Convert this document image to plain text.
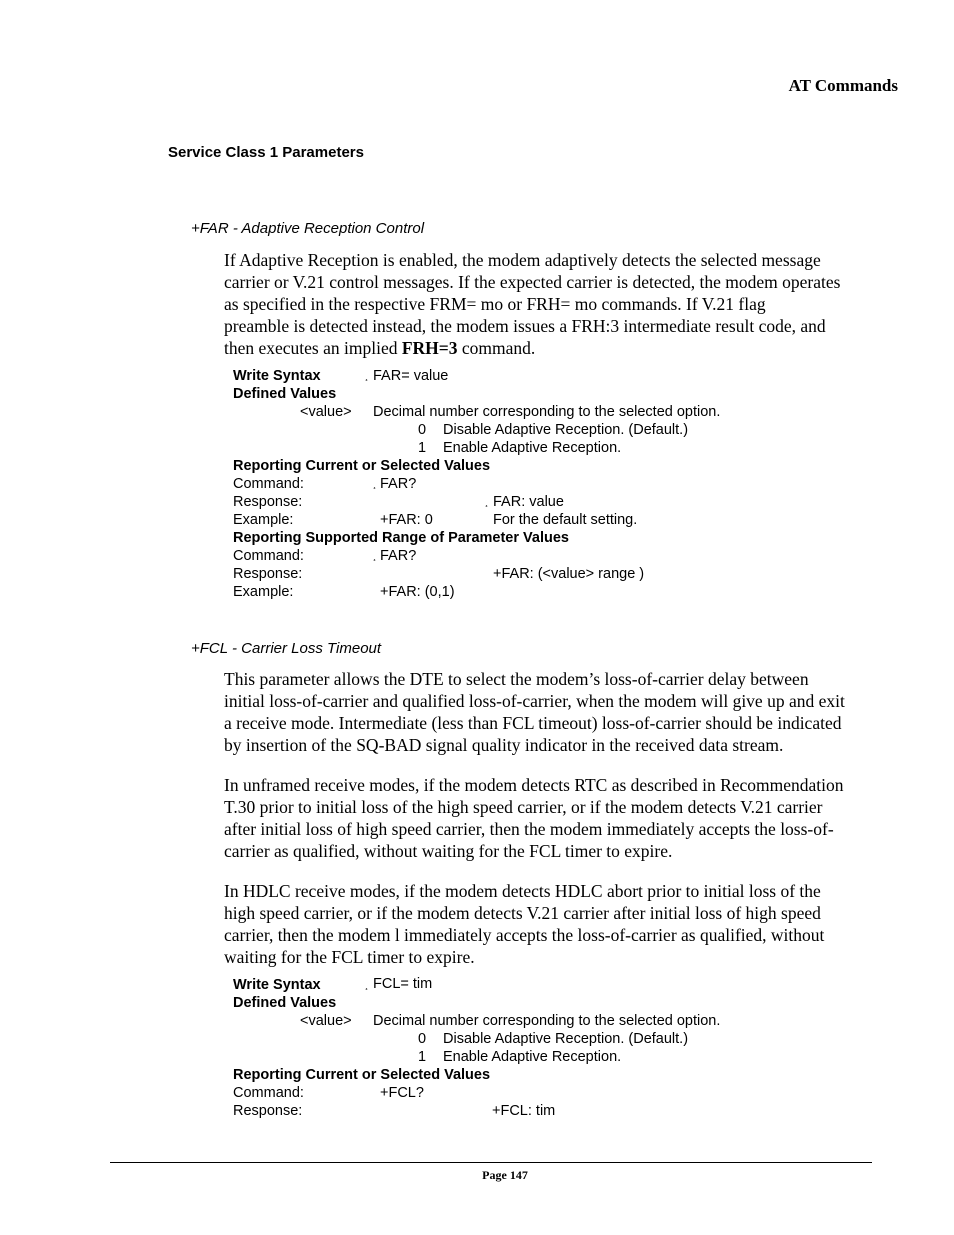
AT Commands
Service Class 1 Parameters
+FAR - Adaptive Reception Control

If Adaptive Reception is enabled, the modem adaptively detects the selected message

carrier or V.21 control messages. If the expected carrier is detected, the modem operates

as specified in the respective FRM= mo or FRH= mo commands. If V.21 flag

preamble is detected instead, the modem issues a FRH:3 intermediate result code, and

then executes an implied FRH=3 command.

Write Syntax	¸ FAR= value
Defined Values
<value> Decimal number corresponding to the selected option.
0 Disable Adaptive Reception. (Default.)
1 Enable Adaptive Reception.
Reporting Current or Selected Values
Command:	¸ FAR?
Response:	¸ FAR: value
Example:	+FAR: 0	For the default setting.
Reporting Supported Range of Parameter Values
Command:	¸ FAR?
Response:	+FAR: (<value> range )
Example:	+FAR: (0,1)
+FCL - Carrier Loss Timeout

This parameter allows the DTE to select the modem’s loss-of-carrier delay between

initial loss-of-carrier and qualified loss-of-carrier, when the modem will give up and exit

a receive mode. Intermediate (less than FCL timeout) loss-of-carrier should be indicated

by insertion of the SQ-BAD signal quality indicator in the received data stream.

In unframed receive modes, if the modem detects RTC as described in Recommendation

T.30 prior to initial loss of the high speed carrier, or if the modem detects V.21 carrier

after initial loss of high speed carrier, then the modem immediately accepts the loss-of-

carrier as qualified, without waiting for the FCL timer to expire.

In HDLC receive modes, if the modem detects HDLC abort prior to initial loss of the

high speed carrier, or if the modem detects V.21 carrier after initial loss of high speed

carrier, then the modem l immediately accepts the loss-of-carrier as qualified, without

waiting for the FCL timer to expire.

Write Syntax	¸ FCL= tim
Defined Values
<value> Decimal number corresponding to the selected option.
0 Disable Adaptive Reception. (Default.)
1 Enable Adaptive Reception.
Reporting Current or Selected Values
Command:	+FCL?
Response:	+FCL: tim
Page 147
